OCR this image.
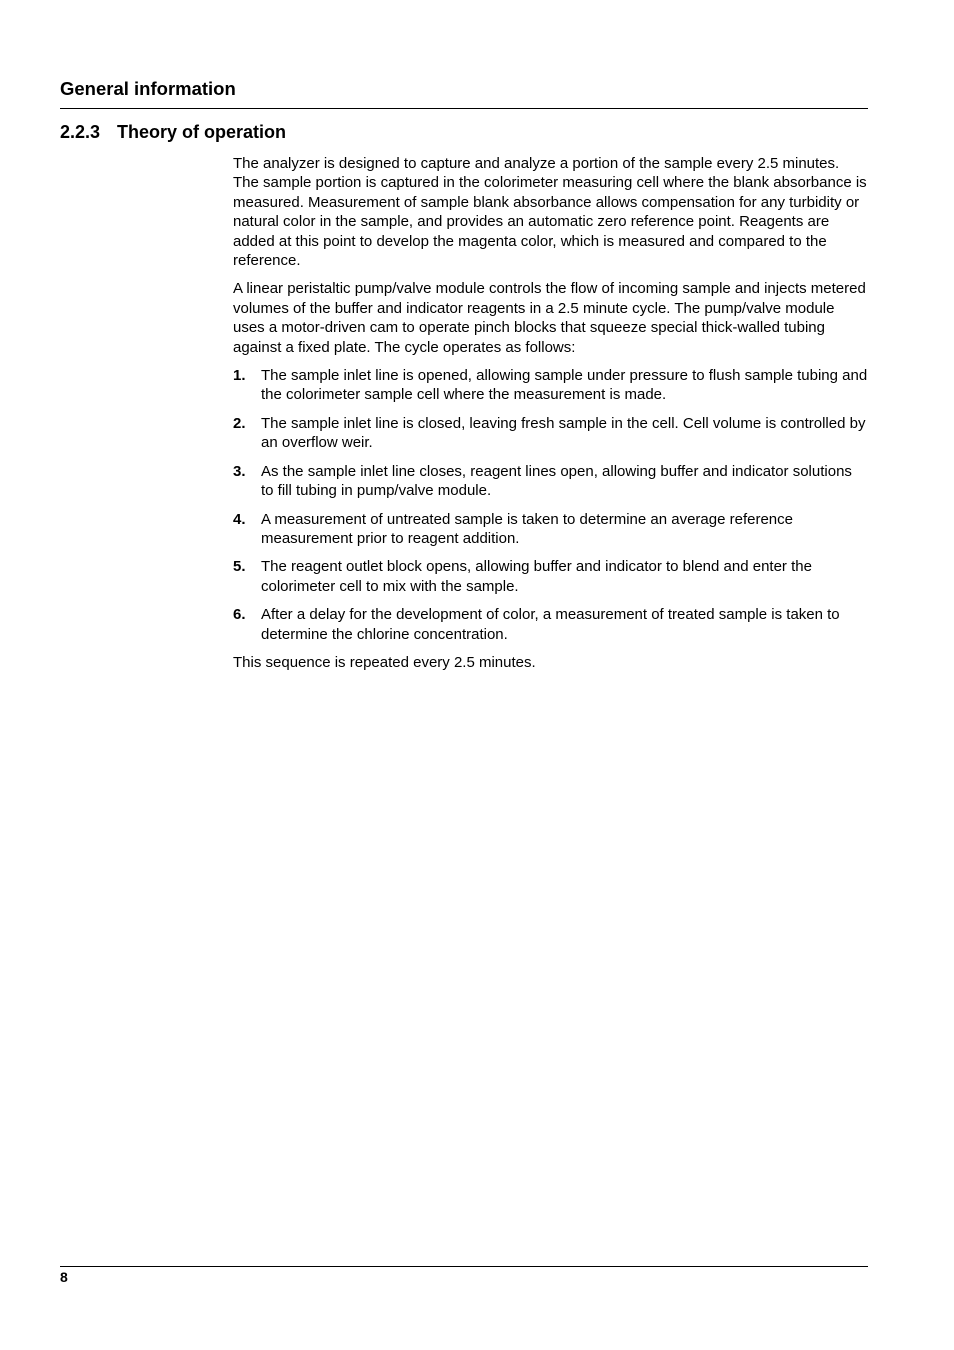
General information
2.2.3 Theory of operation

The analyzer is designed to capture and analyze a portion of the sample every 2.5 minutes. The sample portion is captured in the colorimeter measuring cell where the blank absorbance is measured. Measurement of sample blank absorbance allows compensation for any turbidity or natural color in the sample, and provides an automatic zero reference point. Reagents are added at this point to develop the magenta color, which is measured and compared to the reference.

A linear peristaltic pump/valve module controls the flow of incoming sample and injects metered volumes of the buffer and indicator reagents in a 2.5 minute cycle. The pump/valve module uses a motor-driven cam to operate pinch blocks that squeeze special thick-walled tubing against a fixed plate. The cycle operates as follows:

1.	The sample inlet line is opened, allowing sample under pressure to flush sample tubing and the colorimeter sample cell where the measurement is made.
2.	The sample inlet line is closed, leaving fresh sample in the cell. Cell volume is controlled by an overflow weir.
3.	As the sample inlet line closes, reagent lines open, allowing buffer and indicator solutions to fill tubing in pump/valve module.
4.	A measurement of untreated sample is taken to determine an average reference measurement prior to reagent addition.
5.	The reagent outlet block opens, allowing buffer and indicator to blend and enter the colorimeter cell to mix with the sample.
6.	After a delay for the development of color, a measurement of treated sample is taken to determine the chlorine concentration.

This sequence is repeated every 2.5 minutes.

8
